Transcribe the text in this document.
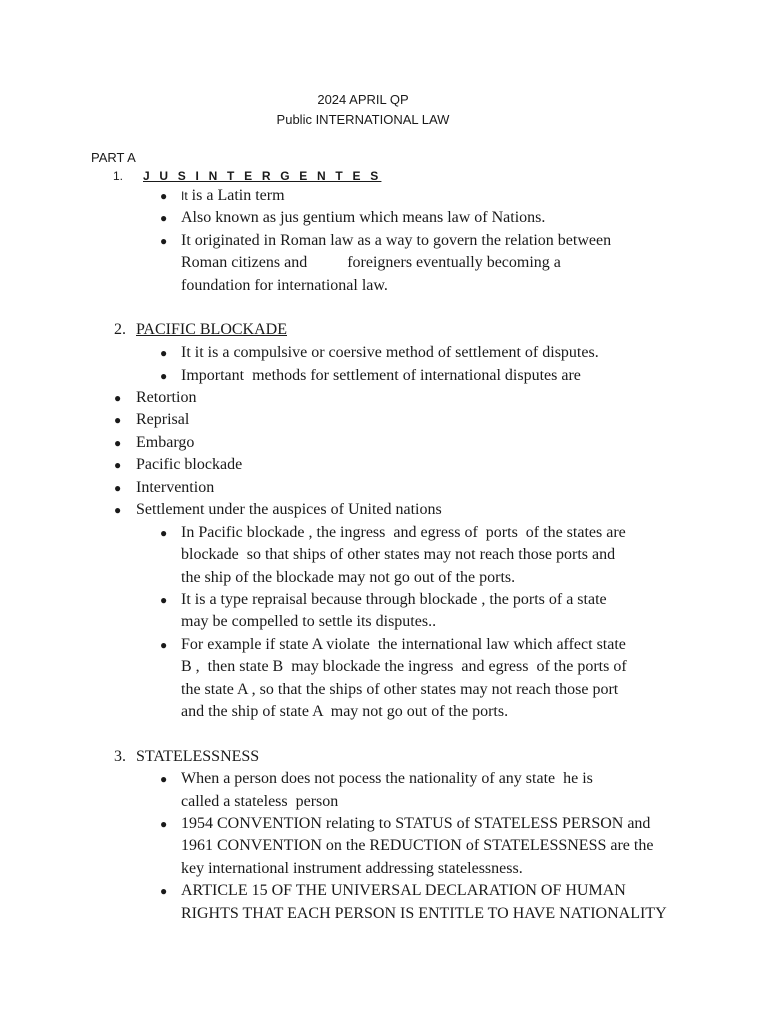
2024 APRIL QP
Public INTERNATIONAL LAW
PART A
1. J U S I N T E R G E N T E S
● It is a Latin term
● Also known as jus gentium which means law of Nations.
● It originated in Roman law as a way to govern the relation between
Roman citizens and          foreigners eventually becoming a
foundation for international law.
2. PACIFIC BLOCKADE
● It it is a compulsive or coersive method of settlement of disputes.
● Important  methods for settlement of international disputes are
● Retortion
● Reprisal
● Embargo
● Pacific blockade
● Intervention
● Settlement under the auspices of United nations
● In Pacific blockade , the ingress  and egress of  ports  of the states are
blockade  so that ships of other states may not reach those ports and
the ship of the blockade may not go out of the ports.
● It is a type repraisal because through blockade , the ports of a state
may be compelled to settle its disputes..
● For example if state A violate  the international law which affect state
B ,  then state B  may blockade the ingress  and egress  of the ports of
the state A , so that the ships of other states may not reach those port
and the ship of state A  may not go out of the ports.
3. STATELESSNESS
● When a person does not pocess the nationality of any state  he is
called a stateless  person
● 1954 CONVENTION relating to STATUS of STATELESS PERSON and
1961 CONVENTION on the REDUCTION of STATELESSNESS are the
key international instrument addressing statelessness.
● ARTICLE 15 OF THE UNIVERSAL DECLARATION OF HUMAN
RIGHTS THAT EACH PERSON IS ENTITLE TO HAVE NATIONALITY
